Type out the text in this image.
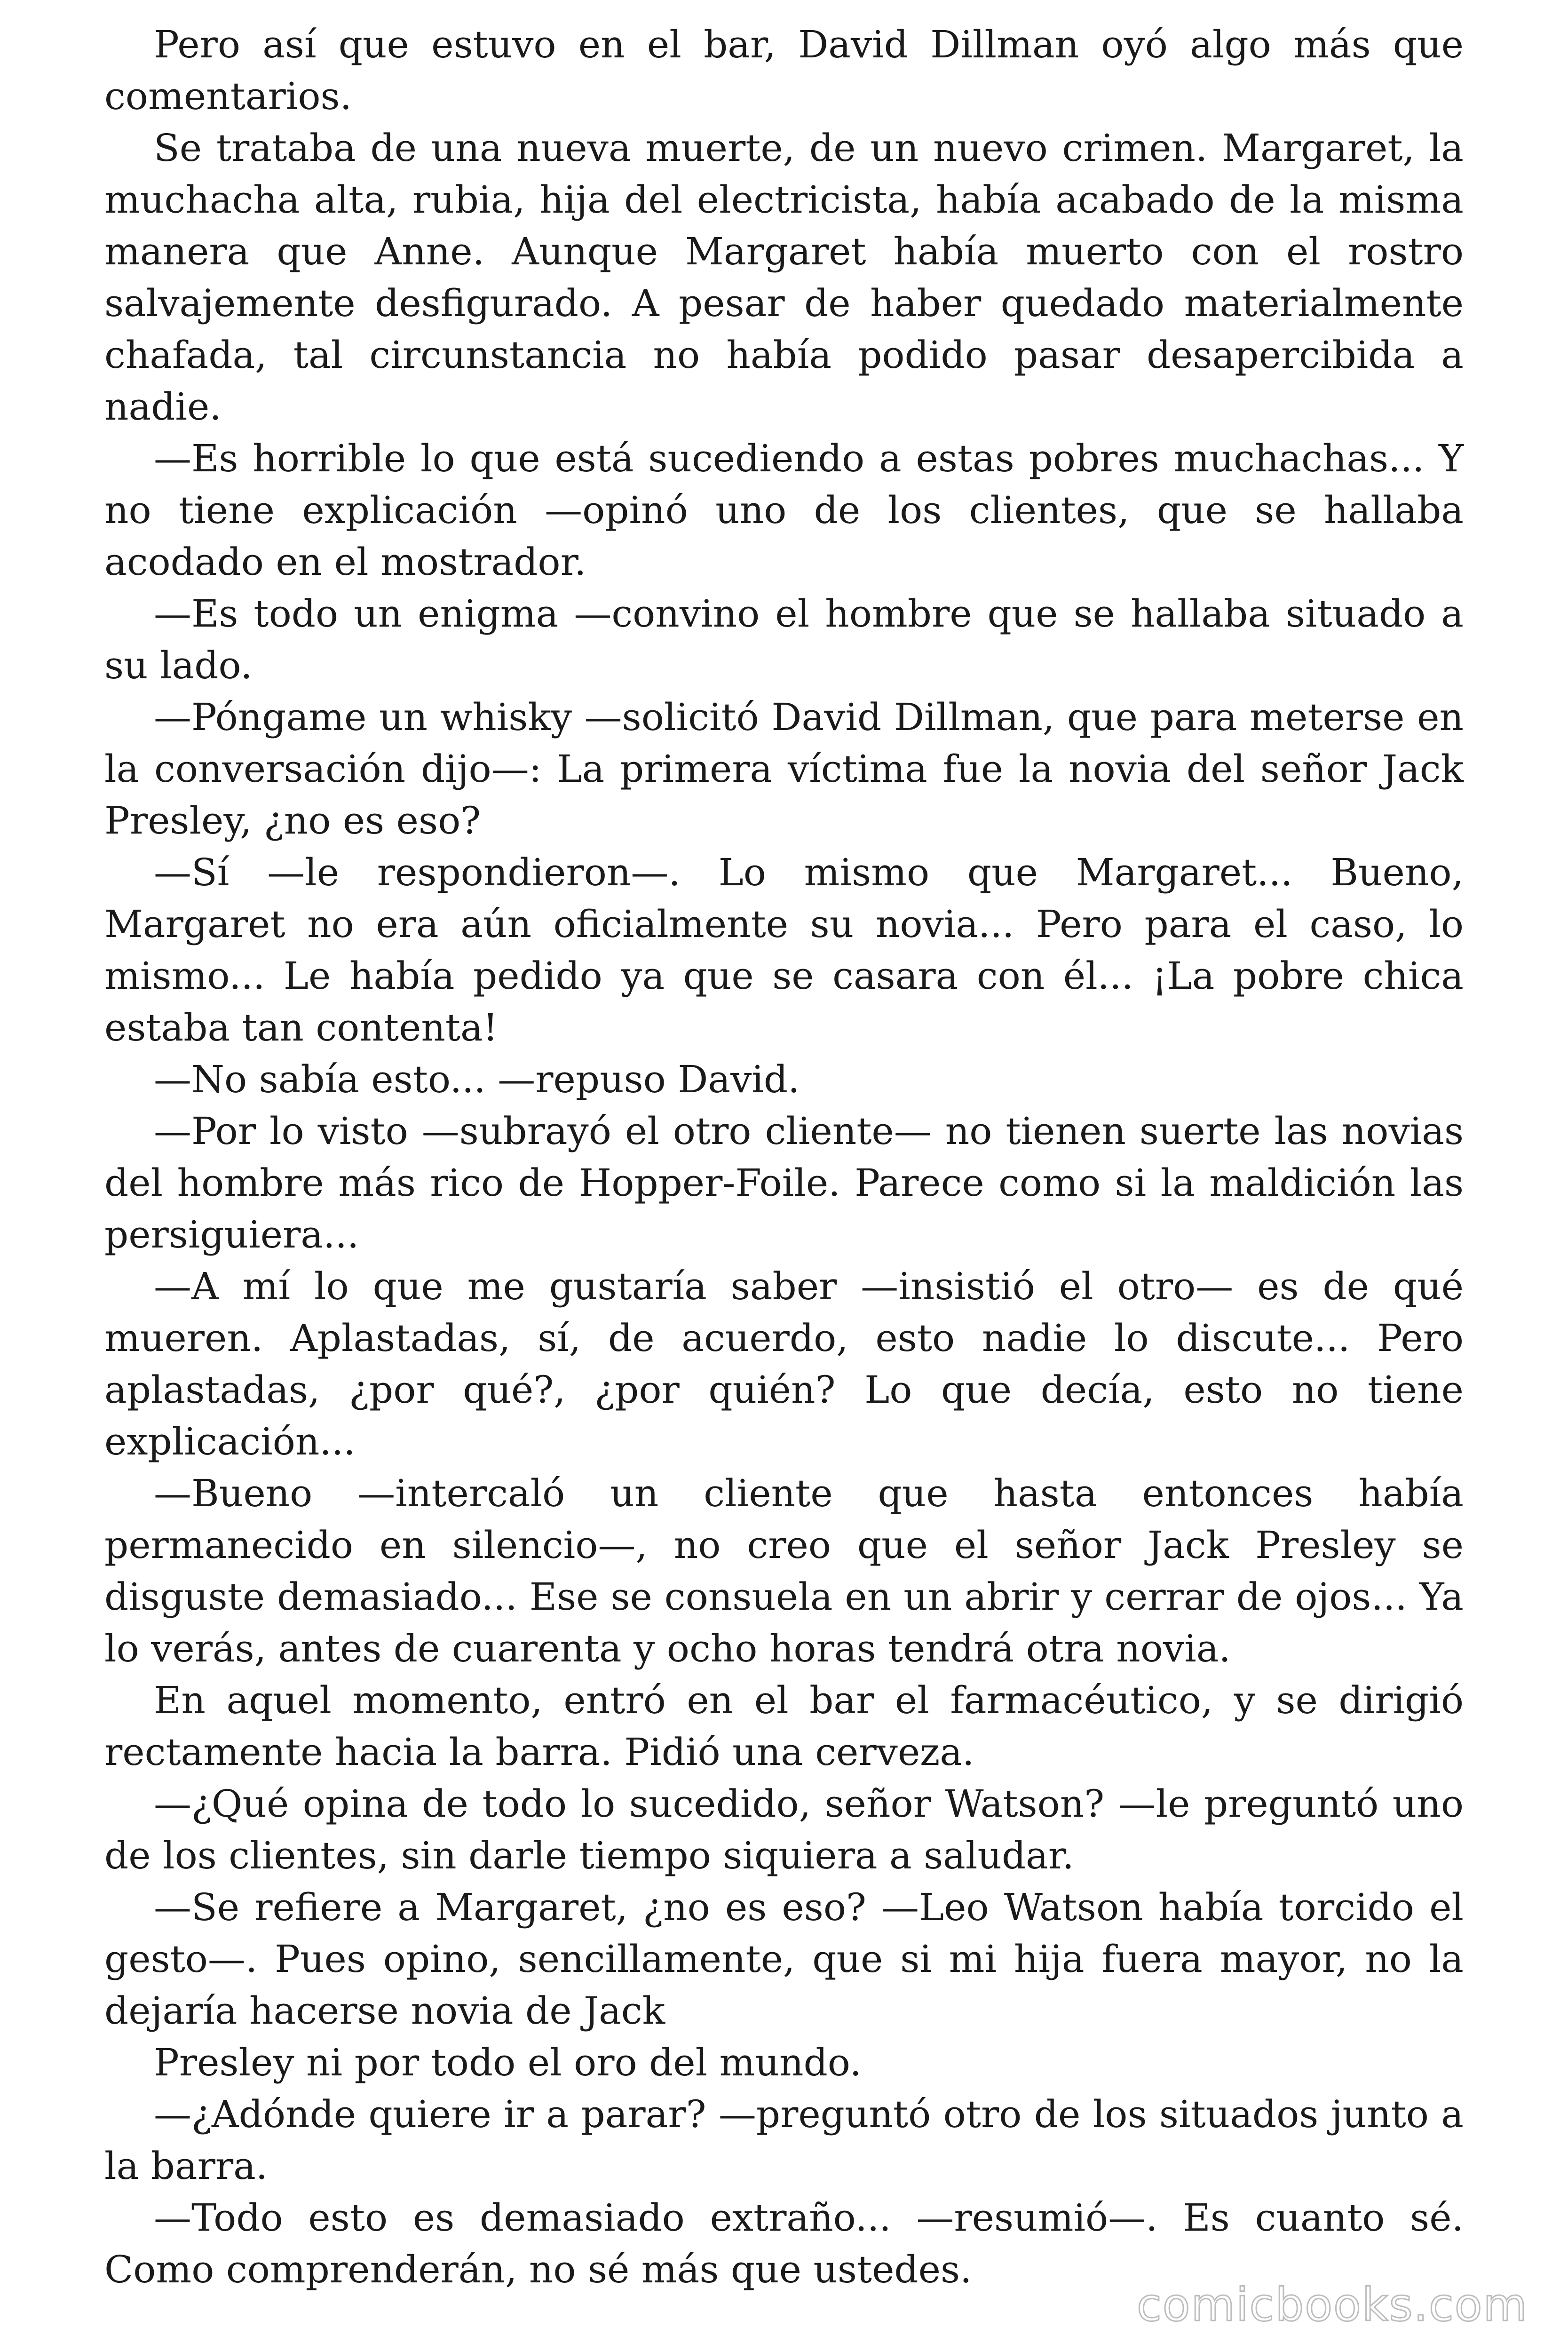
Pero así que estuvo en el bar, David Dillman oyó algo más que comentarios.

Se trataba de una nueva muerte, de un nuevo crimen. Margaret, la muchacha alta, rubia, hija del electricista, había acabado de la misma manera que Anne. Aunque Margaret había muerto con el rostro salvajemente desfigurado. A pesar de haber quedado materialmente chafada, tal circunstancia no había podido pasar desapercibida a nadie.

—Es horrible lo que está sucediendo a estas pobres muchachas... Y no tiene explicación —opinó uno de los clientes, que se hallaba acodado en el mostrador.

—Es todo un enigma —convino el hombre que se hallaba situado a su lado.

—Póngame un whisky —solicitó David Dillman, que para meterse en la conversación dijo—: La primera víctima fue la novia del señor Jack Presley, ¿no es eso?

—Sí —le respondieron—. Lo mismo que Margaret... Bueno, Margaret no era aún oficialmente su novia... Pero para el caso, lo mismo... Le había pedido ya que se casara con él... ¡La pobre chica estaba tan contenta!

—No sabía esto... —repuso David.

—Por lo visto —subrayó el otro cliente— no tienen suerte las novias del hombre más rico de Hopper-Foile. Parece como si la maldición las persiguiera...

—A mí lo que me gustaría saber —insistió el otro— es de qué mueren. Aplastadas, sí, de acuerdo, esto nadie lo discute... Pero aplastadas, ¿por qué?, ¿por quién? Lo que decía, esto no tiene explicación...

—Bueno —intercaló un cliente que hasta entonces había permanecido en silencio—, no creo que el señor Jack Presley se disguste demasiado... Ese se consuela en un abrir y cerrar de ojos... Ya lo verás, antes de cuarenta y ocho horas tendrá otra novia.

En aquel momento, entró en el bar el farmacéutico, y se dirigió rectamente hacia la barra. Pidió una cerveza.

—¿Qué opina de todo lo sucedido, señor Watson? —le preguntó uno de los clientes, sin darle tiempo siquiera a saludar.

—Se refiere a Margaret, ¿no es eso? —Leo Watson había torcido el gesto—. Pues opino, sencillamente, que si mi hija fuera mayor, no la dejaría hacerse novia de Jack

Presley ni por todo el oro del mundo.

—¿Adónde quiere ir a parar? —preguntó otro de los situados junto a la barra.

—Todo esto es demasiado extraño... —resumió—. Es cuanto sé. Como comprenderán, no sé más que ustedes.

comicbooks.com
